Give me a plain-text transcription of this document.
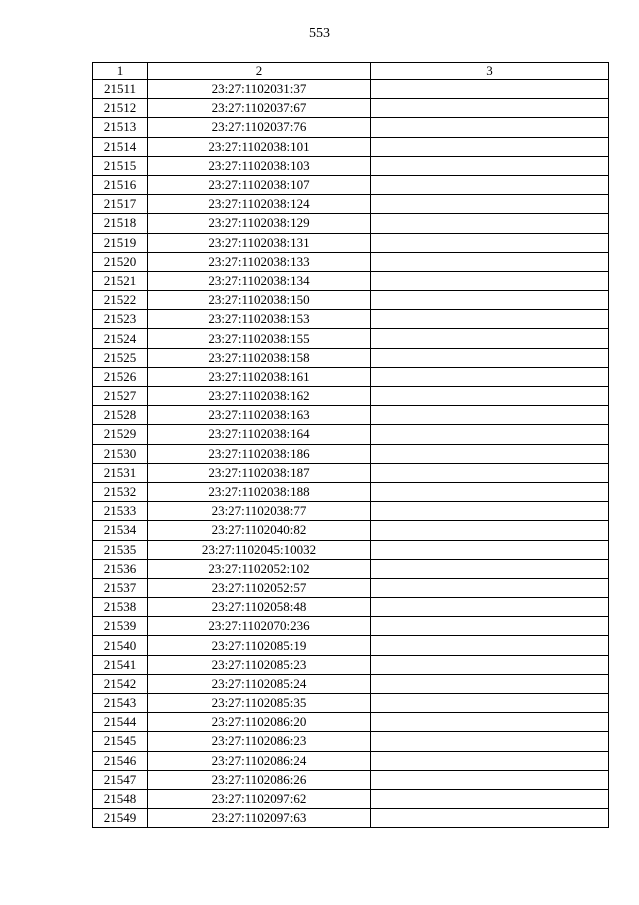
553
1	2	3
21511	23:27:1102031:37	
21512	23:27:1102037:67	
21513	23:27:1102037:76	
21514	23:27:1102038:101	
21515	23:27:1102038:103	
21516	23:27:1102038:107	
21517	23:27:1102038:124	
21518	23:27:1102038:129	
21519	23:27:1102038:131	
21520	23:27:1102038:133	
21521	23:27:1102038:134	
21522	23:27:1102038:150	
21523	23:27:1102038:153	
21524	23:27:1102038:155	
21525	23:27:1102038:158	
21526	23:27:1102038:161	
21527	23:27:1102038:162	
21528	23:27:1102038:163	
21529	23:27:1102038:164	
21530	23:27:1102038:186	
21531	23:27:1102038:187	
21532	23:27:1102038:188	
21533	23:27:1102038:77	
21534	23:27:1102040:82	
21535	23:27:1102045:10032	
21536	23:27:1102052:102	
21537	23:27:1102052:57	
21538	23:27:1102058:48	
21539	23:27:1102070:236	
21540	23:27:1102085:19	
21541	23:27:1102085:23	
21542	23:27:1102085:24	
21543	23:27:1102085:35	
21544	23:27:1102086:20	
21545	23:27:1102086:23	
21546	23:27:1102086:24	
21547	23:27:1102086:26	
21548	23:27:1102097:62	
21549	23:27:1102097:63	
